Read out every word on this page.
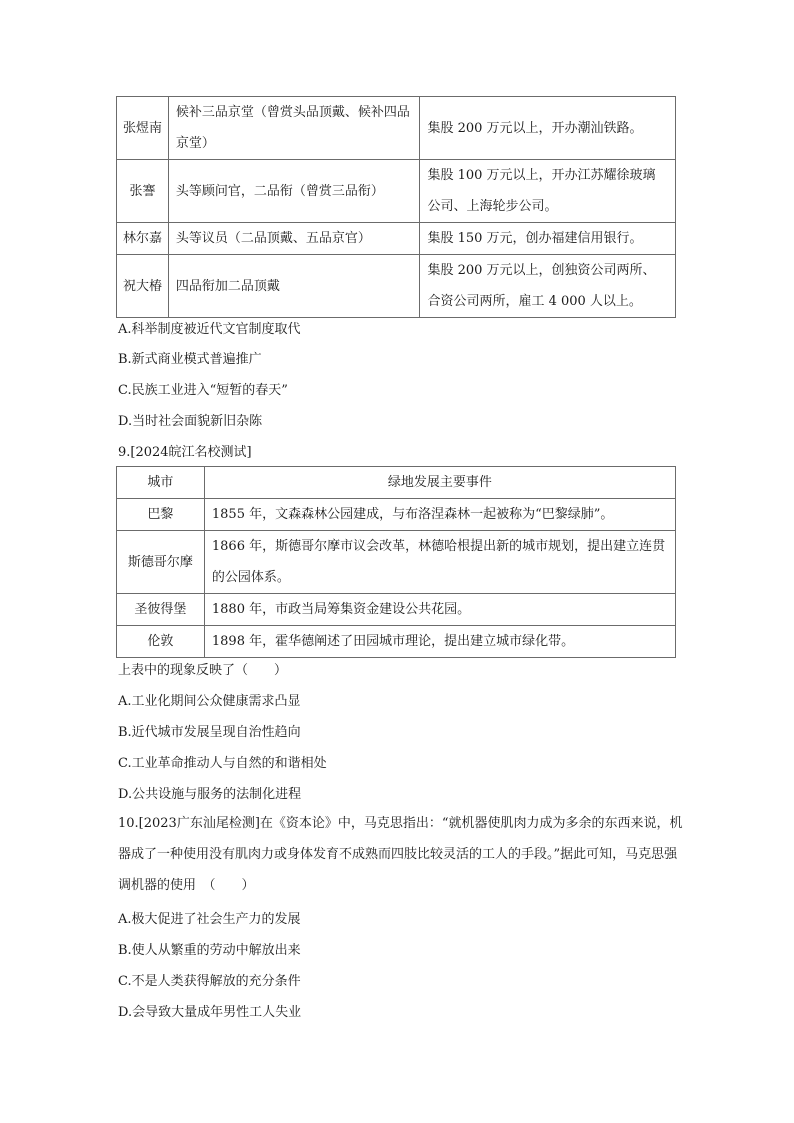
张煜南	候补三品京堂（曾赏头品顶戴、候补四品京堂）	集股 200 万元以上，开办潮汕铁路。
张謇	头等顾问官，二品衔（曾赏三品衔）	集股 100 万元以上，开办江苏耀徐玻璃公司、上海轮步公司。
林尔嘉	头等议员（二品顶戴、五品京官）	集股 150 万元，创办福建信用银行。
祝大椿	四品衔加二品顶戴	集股 200 万元以上，创独资公司两所、合资公司两所，雇工 4 000 人以上。
A.科举制度被近代文官制度取代
B.新式商业模式普遍推广
C.民族工业进入“短暂的春天”
D.当时社会面貌新旧杂陈
9.[2024皖江名校测试]
城市	绿地发展主要事件
巴黎	1855 年，文森森林公园建成，与布洛涅森林一起被称为“巴黎绿肺”。
斯德哥尔摩	1866 年，斯德哥尔摩市议会改革，林德哈根提出新的城市规划，提出建立连贯的公园体系。
圣彼得堡	1880 年，市政当局筹集资金建设公共花园。
伦敦	1898 年，霍华德阐述了田园城市理论，提出建立城市绿化带。
上表中的现象反映了（　　）
A.工业化期间公众健康需求凸显
B.近代城市发展呈现自治性趋向
C.工业革命推动人与自然的和谐相处
D.公共设施与服务的法制化进程
10.[2023广东汕尾检测]在《资本论》中，马克思指出：“就机器使肌肉力成为多余的东西来说，机器成了一种使用没有肌肉力或身体发育不成熟而四肢比较灵活的工人的手段。”据此可知，马克思强调机器的使用　（　　）
A.极大促进了社会生产力的发展
B.使人从繁重的劳动中解放出来
C.不是人类获得解放的充分条件
D.会导致大量成年男性工人失业
